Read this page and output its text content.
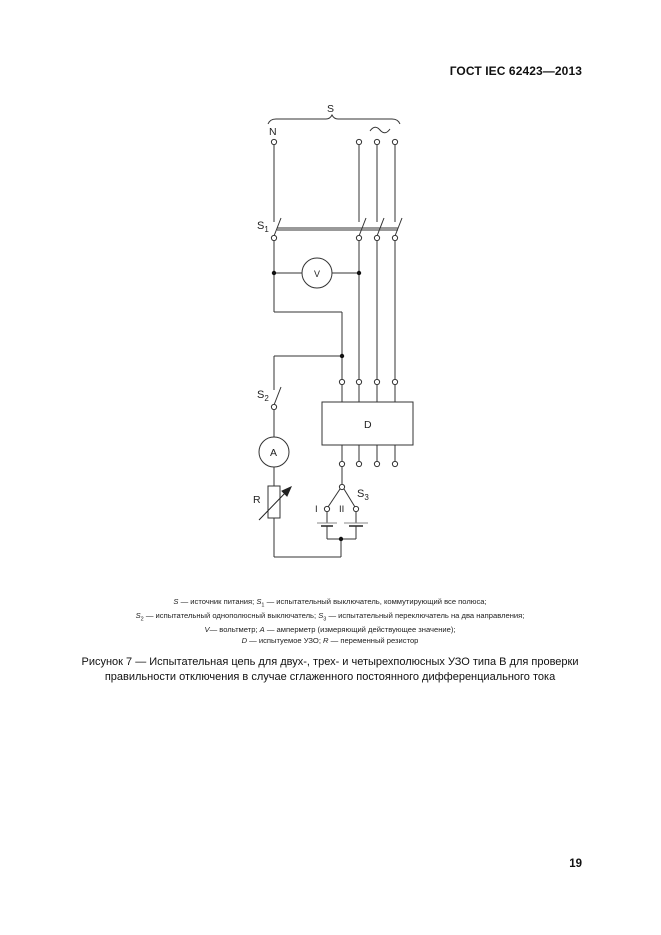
ГОСТ IEC 62423—2013
S
N
$S_1$
V
$S_2$
A
R
D
$S_3$
I II
S — источник питания; $S_1$ — испытательный выключатель, коммутирующий все полюса;
$S_2$ — испытательный однополюсный выключатель; $S_3$ — испытательный переключатель на два направления;
V— вольтметр; A — амперметр (измеряющий действующее значение);
D — испытуемое УЗО; R — переменный резистор
Рисунок 7 — Испытательная цепь для двух-, трех- и четырехполюсных УЗО типа В для проверки
правильности отключения в случае сглаженного постоянного дифференциального тока
19
